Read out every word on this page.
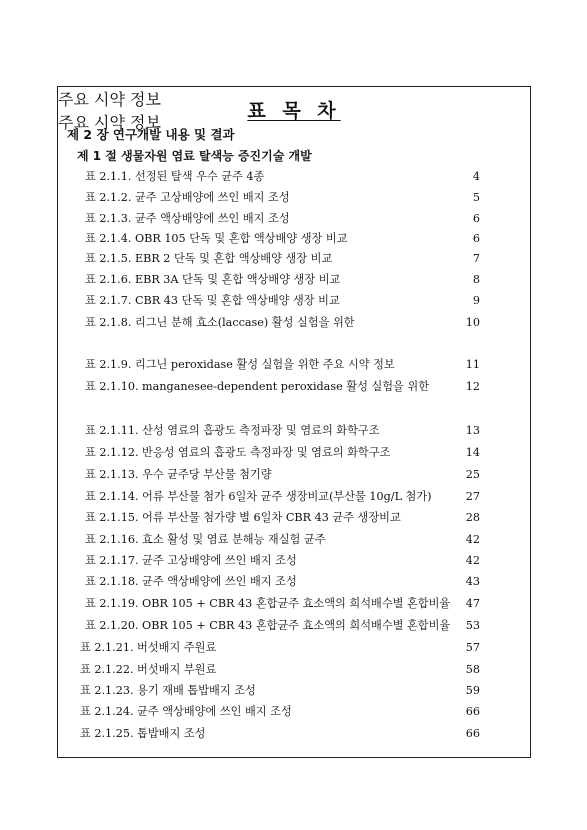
표 목 차
제 2 장 연구개발 내용 및 결과
제 1 절 생물자원 염료 탈색능 증진기술 개발
표 2.1.1. 선정된 탈색 우수 균주 4종	4
표 2.1.2. 균주 고상배양에 쓰인 배지 조성	5
표 2.1.3. 균주 액상배양에 쓰인 배지 조성	6
표 2.1.4. OBR 105 단독 및 혼합 액상배양 생장 비교	6
표 2.1.5. EBR 2 단독 및 혼합 액상배양 생장 비교	7
표 2.1.6. EBR 3A 단독 및 혼합 액상배양 생장 비교	8
표 2.1.7. CBR 43 단독 및 혼합 액상배양 생장 비교	9
표 2.1.8. 리그닌 분해 효소(laccase) 활성 실험을 위한	10
주요 시약 정보
표 2.1.9. 리그닌 peroxidase 활성 실험을 위한 주요 시약 정보	11
표 2.1.10. manganesee-dependent peroxidase 활성 실험을 위한	12
주요 시약 정보
표 2.1.11. 산성 염료의 흡광도 측정파장 및 염료의 화학구조	13
표 2.1.12. 반응성 염료의 흡광도 측정파장 및 염료의 화학구조	14
표 2.1.13. 우수 균주당 부산물 첨기량	25
표 2.1.14. 어류 부산물 첨가 6일차 균주 생장비교(부산물 10g/L 첨가)	27
표 2.1.15. 어류 부산물 첨가량 별 6일차 CBR 43 균주 생장비교	28
표 2.1.16. 효소 활성 및 염료 분해능 재실험 균주	42
표 2.1.17. 균주 고상배양에 쓰인 배지 조성	42
표 2.1.18. 균주 액상배양에 쓰인 배지 조성	43
표 2.1.19. OBR 105 + CBR 43 혼합균주 효소액의 희석배수별 혼합비율 47
표 2.1.20. OBR 105 + CBR 43 혼합균주 효소액의 희석배수별 혼합비율 53
표 2.1.21. 버섯배지 주원료	57
표 2.1.22. 버섯배지 부원료	58
표 2.1.23. 용기 재배 톱밥배지 조성	59
표 2.1.24. 균주 액상배양에 쓰인 배지 조성	66
표 2.1.25. 톱밥배지 조성	66
